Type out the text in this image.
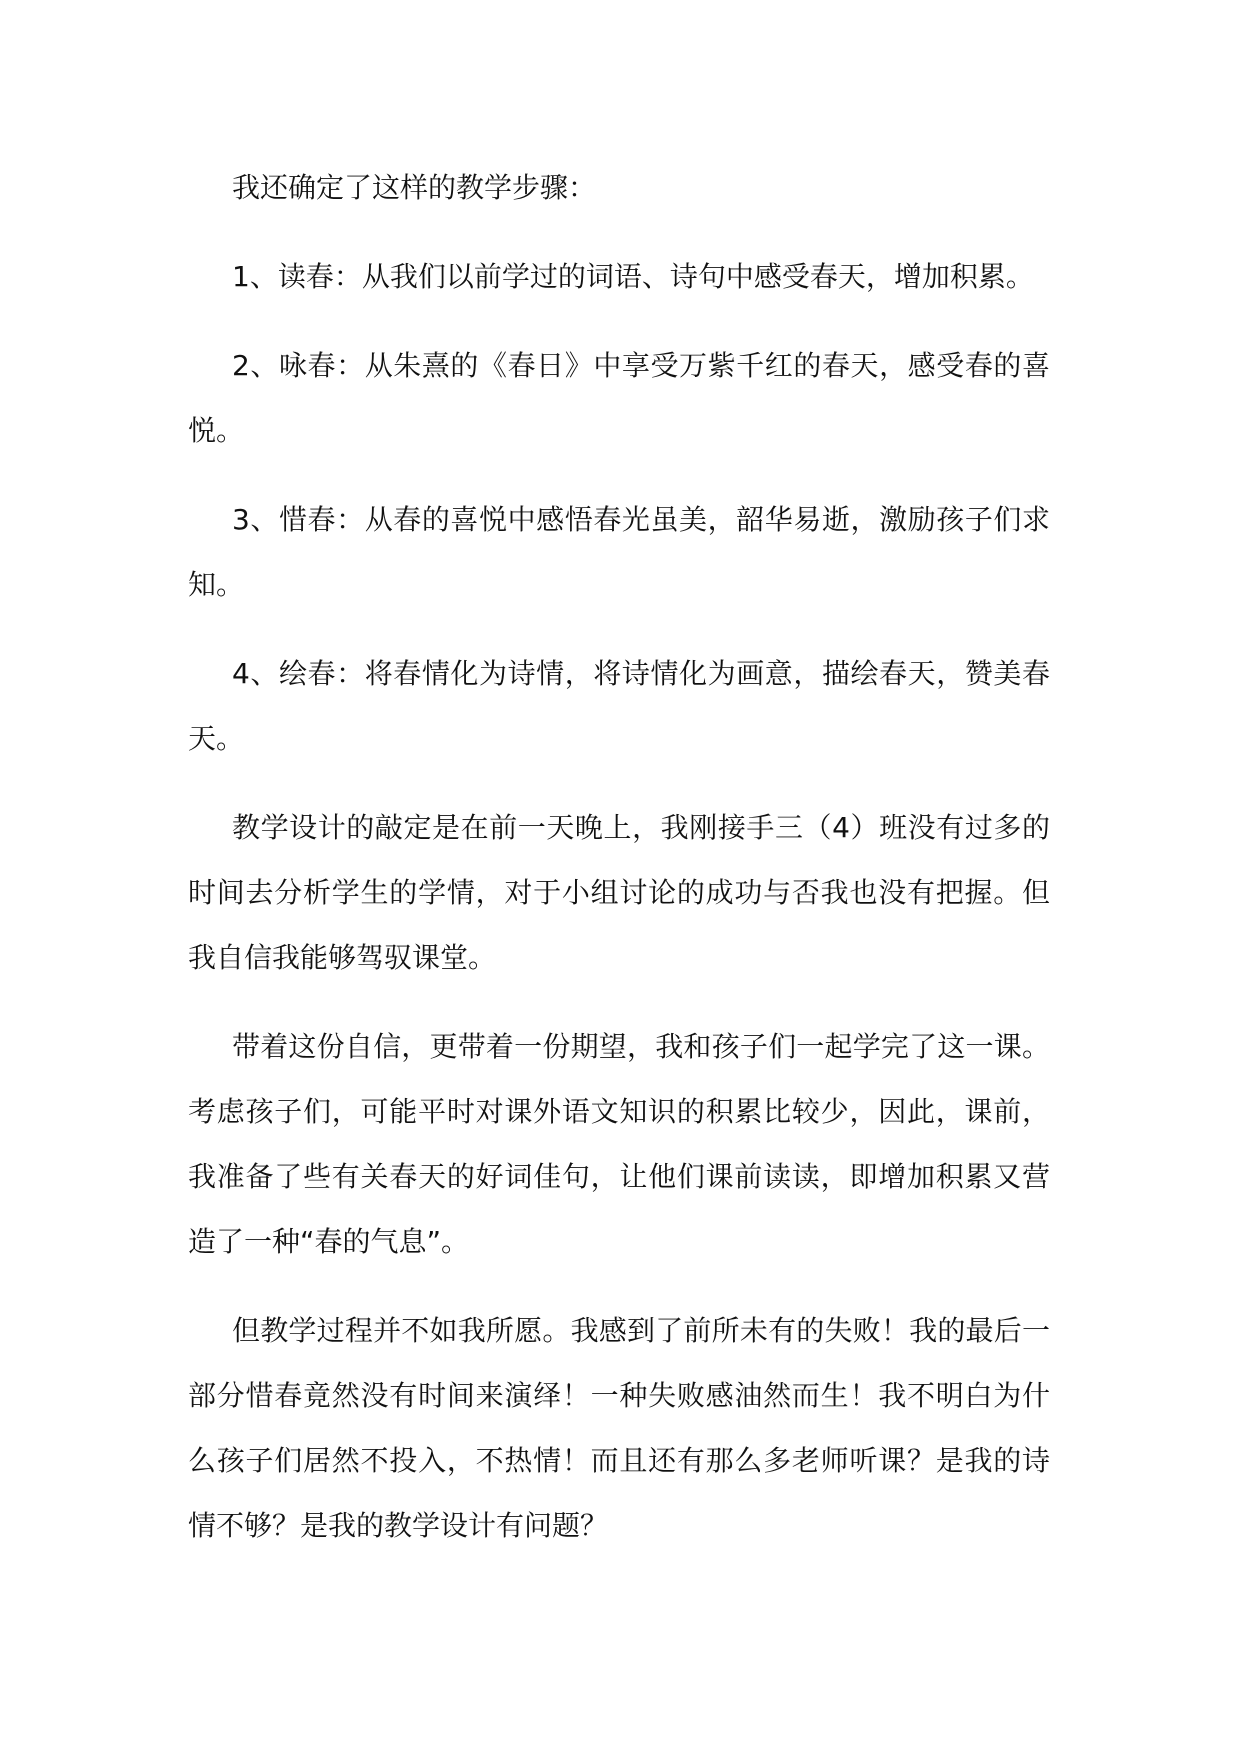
我还确定了这样的教学步骤：

1、读春：从我们以前学过的词语、诗句中感受春天，增加积累。

2、咏春：从朱熹的《春日》中享受万紫千红的春天，感受春的喜悦。

3、惜春：从春的喜悦中感悟春光虽美，韶华易逝，激励孩子们求知。

4、绘春：将春情化为诗情，将诗情化为画意，描绘春天，赞美春天。

教学设计的敲定是在前一天晚上，我刚接手三（4）班没有过多的时间去分析学生的学情，对于小组讨论的成功与否我也没有把握。但我自信我能够驾驭课堂。

带着这份自信，更带着一份期望，我和孩子们一起学完了这一课。考虑孩子们，可能平时对课外语文知识的积累比较少，因此，课前，我准备了些有关春天的好词佳句，让他们课前读读，即增加积累又营造了一种“春的气息”。

但教学过程并不如我所愿。我感到了前所未有的失败！我的最后一部分惜春竟然没有时间来演绎！一种失败感油然而生！我不明白为什么孩子们居然不投入，不热情！而且还有那么多老师听课？是我的诗情不够？是我的教学设计有问题？
